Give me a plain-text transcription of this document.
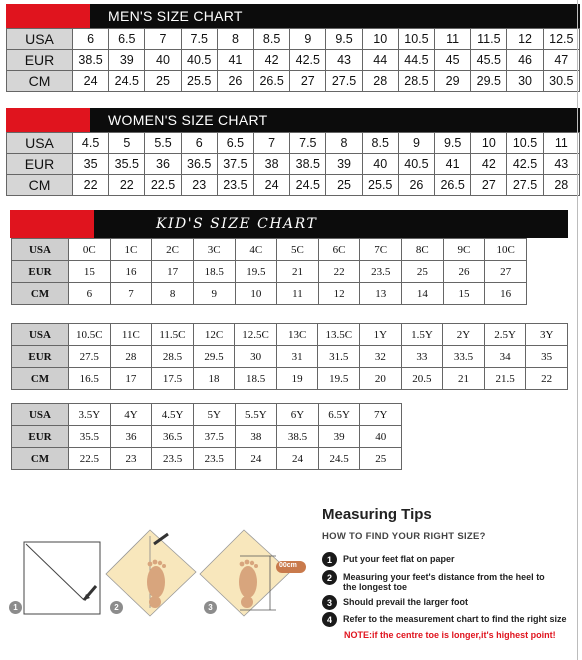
MEN'S SIZE CHART
USA	6	6.5	7	7.5	8	8.5	9	9.5	10	10.5	11	11.5	12	12.5
EUR	38.5	39	40	40.5	41	42	42.5	43	44	44.5	45	45.5	46	47
CM	24	24.5	25	25.5	26	26.5	27	27.5	28	28.5	29	29.5	30	30.5
WOMEN'S SIZE CHART
USA	4.5	5	5.5	6	6.5	7	7.5	8	8.5	9	9.5	10	10.5	11
EUR	35	35.5	36	36.5	37.5	38	38.5	39	40	40.5	41	42	42.5	43
CM	22	22	22.5	23	23.5	24	24.5	25	25.5	26	26.5	27	27.5	28
KID'S SIZE CHART
USA	0C	1C	2C	3C	4C	5C	6C	7C	8C	9C	10C
EUR	15	16	17	18.5	19.5	21	22	23.5	25	26	27
CM	6	7	8	9	10	11	12	13	14	15	16
USA	10.5C	11C	11.5C	12C	12.5C	13C	13.5C	1Y	1.5Y	2Y	2.5Y	3Y
EUR	27.5	28	28.5	29.5	30	31	31.5	32	33	33.5	34	35
CM	16.5	17	17.5	18	18.5	19	19.5	20	20.5	21	21.5	22
USA	3.5Y	4Y	4.5Y	5Y	5.5Y	6Y	6.5Y	7Y
EUR	35.5	36	36.5	37.5	38	38.5	39	40
CM	22.5	23	23.5	23.5	24	24	24.5	25
00cm
1	2	3
Measuring Tips
HOW TO FIND YOUR RIGHT SIZE?
1	Put your feet flat on paper
2	Measuring your feet's distance from the heel to the longest toe
3	Should prevail the larger foot
4	Refer to the measurement chart to find the right size
NOTE:if the centre toe is longer,it's highest point!
